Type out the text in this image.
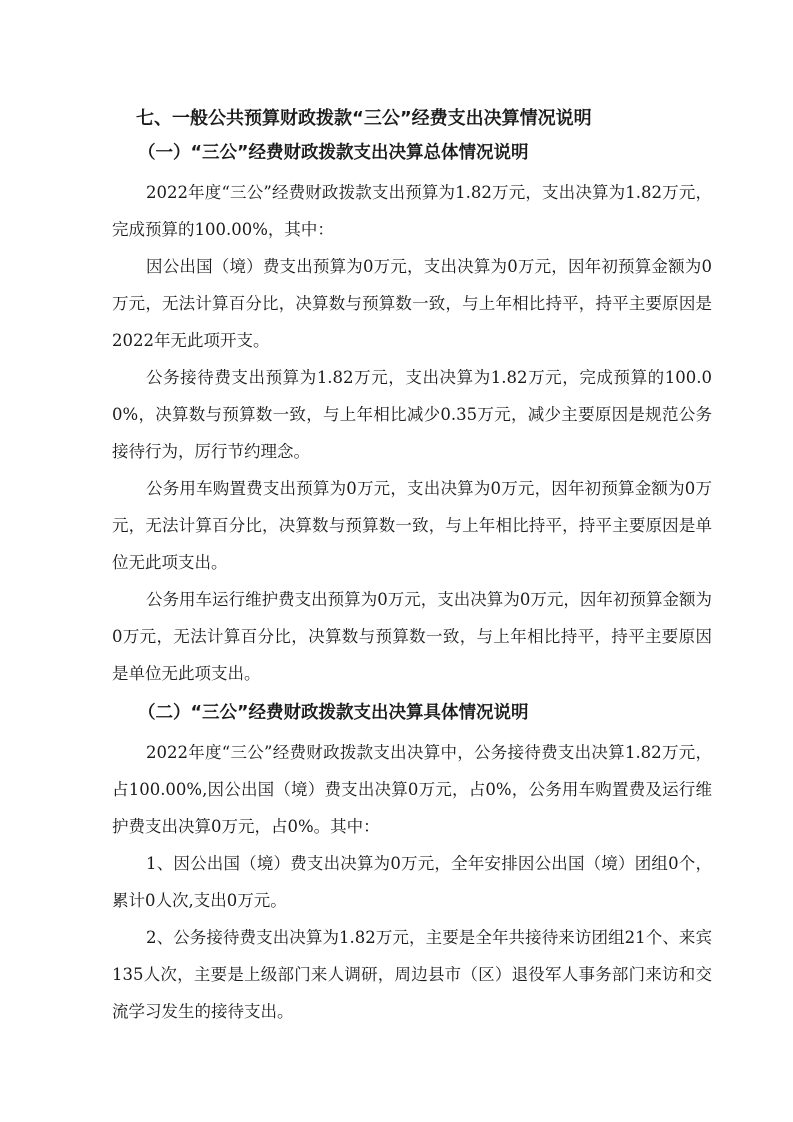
七、一般公共预算财政拨款“三公”经费支出决算情况说明
（一）“三公”经费财政拨款支出决算总体情况说明

2022年度“三公”经费财政拨款支出预算为1.82万元，支出决算为1.82万元，完成预算的100.00%，其中：

因公出国（境）费支出预算为0万元，支出决算为0万元，因年初预算金额为0万元，无法计算百分比，决算数与预算数一致，与上年相比持平，持平主要原因是2022年无此项开支。

公务接待费支出预算为1.82万元，支出决算为1.82万元，完成预算的100.00%，决算数与预算数一致，与上年相比减少0.35万元，减少主要原因是规范公务接待行为，厉行节约理念。

公务用车购置费支出预算为0万元，支出决算为0万元，因年初预算金额为0万元，无法计算百分比，决算数与预算数一致，与上年相比持平，持平主要原因是单位无此项支出。

公务用车运行维护费支出预算为0万元，支出决算为0万元，因年初预算金额为0万元，无法计算百分比，决算数与预算数一致，与上年相比持平，持平主要原因是单位无此项支出。

（二）“三公”经费财政拨款支出决算具体情况说明

2022年度“三公”经费财政拨款支出决算中，公务接待费支出决算1.82万元，占100.00%,因公出国（境）费支出决算0万元，占0%，公务用车购置费及运行维护费支出决算0万元，占0%。其中：

1、因公出国（境）费支出决算为0万元，全年安排因公出国（境）团组0个，累计0人次,支出0万元。

2、公务接待费支出决算为1.82万元，主要是全年共接待来访团组21个、来宾135人次，主要是上级部门来人调研，周边县市（区）退役军人事务部门来访和交流学习发生的接待支出。
